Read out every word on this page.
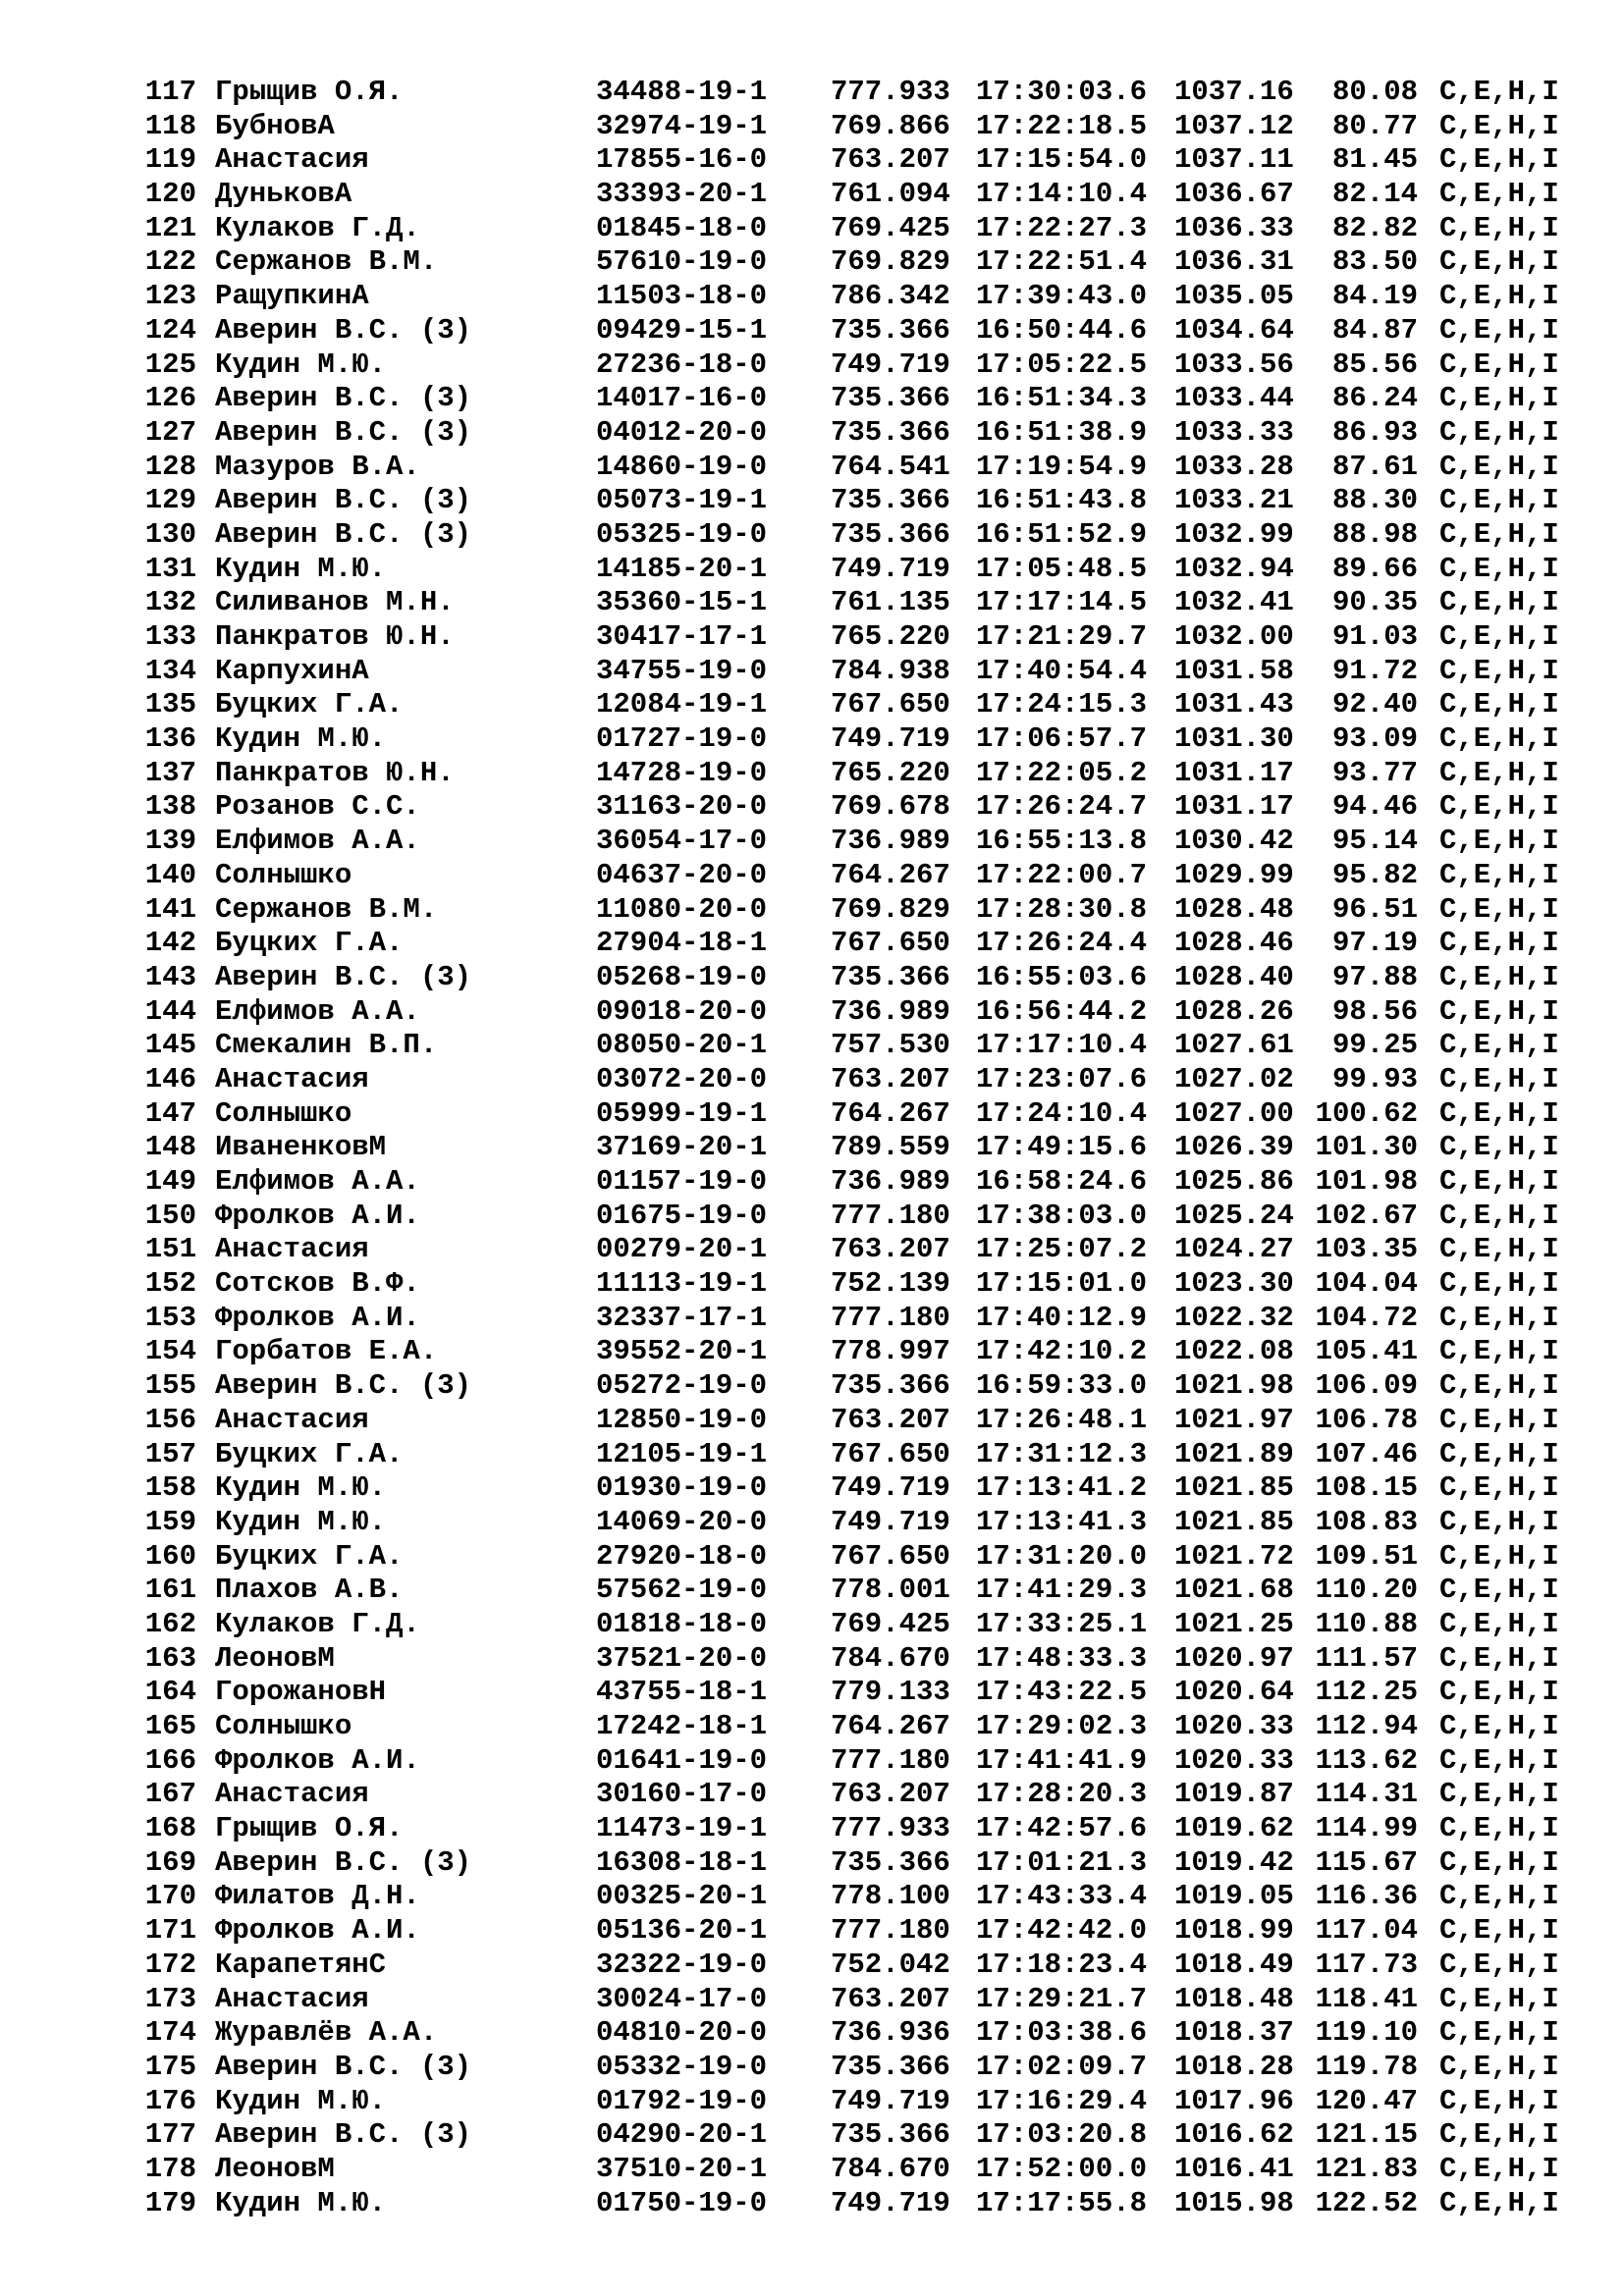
117 Грыщив О.Я.	34488-19-1 777.933 17:30:03.6 1037.16	80.08 C,E,H,I
118 БубновА	32974-19-1 769.866 17:22:18.5 1037.12	80.77 C,E,H,I
119 Анастасия	17855-16-0 763.207 17:15:54.0 1037.11	81.45 C,E,H,I
120 ДуньковА	33393-20-1 761.094 17:14:10.4 1036.67	82.14 C,E,H,I
121 Кулаков Г.Д.	01845-18-0 769.425 17:22:27.3 1036.33	82.82 C,E,H,I
122 Сержанов В.М.	57610-19-0 769.829 17:22:51.4 1036.31	83.50 C,E,H,I
123 РащупкинА	11503-18-0 786.342 17:39:43.0 1035.05	84.19 C,E,H,I
124 Аверин В.С. (3)	09429-15-1 735.366 16:50:44.6 1034.64	84.87 C,E,H,I
125 Кудин М.Ю.	27236-18-0 749.719 17:05:22.5 1033.56	85.56 C,E,H,I
126 Аверин В.С. (3)	14017-16-0 735.366 16:51:34.3 1033.44	86.24 C,E,H,I
127 Аверин В.С. (3)	04012-20-0 735.366 16:51:38.9 1033.33	86.93 C,E,H,I
128 Мазуров В.А.	14860-19-0 764.541 17:19:54.9 1033.28	87.61 C,E,H,I
129 Аверин В.С. (3)	05073-19-1 735.366 16:51:43.8 1033.21	88.30 C,E,H,I
130 Аверин В.С. (3)	05325-19-0 735.366 16:51:52.9 1032.99	88.98 C,E,H,I
131 Кудин М.Ю.	14185-20-1 749.719 17:05:48.5 1032.94	89.66 C,E,H,I
132 Силиванов М.Н.	35360-15-1 761.135 17:17:14.5 1032.41	90.35 C,E,H,I
133 Панкратов Ю.Н.	30417-17-1 765.220 17:21:29.7 1032.00	91.03 C,E,H,I
134 КарпухинА	34755-19-0 784.938 17:40:54.4 1031.58	91.72 C,E,H,I
135 Буцких Г.А.	12084-19-1 767.650 17:24:15.3 1031.43	92.40 C,E,H,I
136 Кудин М.Ю.	01727-19-0 749.719 17:06:57.7 1031.30	93.09 C,E,H,I
137 Панкратов Ю.Н.	14728-19-0 765.220 17:22:05.2 1031.17	93.77 C,E,H,I
138 Розанов С.С.	31163-20-0 769.678 17:26:24.7 1031.17	94.46 C,E,H,I
139 Елфимов А.А.	36054-17-0 736.989 16:55:13.8 1030.42	95.14 C,E,H,I
140 Солнышко	04637-20-0 764.267 17:22:00.7 1029.99	95.82 C,E,H,I
141 Сержанов В.М.	11080-20-0 769.829 17:28:30.8 1028.48	96.51 C,E,H,I
142 Буцких Г.А.	27904-18-1 767.650 17:26:24.4 1028.46	97.19 C,E,H,I
143 Аверин В.С. (3)	05268-19-0 735.366 16:55:03.6 1028.40	97.88 C,E,H,I
144 Елфимов А.А.	09018-20-0 736.989 16:56:44.2 1028.26	98.56 C,E,H,I
145 Смекалин В.П.	08050-20-1 757.530 17:17:10.4 1027.61	99.25 C,E,H,I
146 Анастасия	03072-20-0 763.207 17:23:07.6 1027.02	99.93 C,E,H,I
147 Солнышко	05999-19-1 764.267 17:24:10.4 1027.00 100.62 C,E,H,I
148 ИваненковМ	37169-20-1 789.559 17:49:15.6 1026.39 101.30 C,E,H,I
149 Елфимов А.А.	01157-19-0 736.989 16:58:24.6 1025.86 101.98 C,E,H,I
150 Фролков А.И.	01675-19-0 777.180 17:38:03.0 1025.24 102.67 C,E,H,I
151 Анастасия	00279-20-1 763.207 17:25:07.2 1024.27 103.35 C,E,H,I
152 Сотсков В.Ф.	11113-19-1 752.139 17:15:01.0 1023.30 104.04 C,E,H,I
153 Фролков А.И.	32337-17-1 777.180 17:40:12.9 1022.32 104.72 C,E,H,I
154 Горбатов Е.А.	39552-20-1 778.997 17:42:10.2 1022.08 105.41 C,E,H,I
155 Аверин В.С. (3)	05272-19-0 735.366 16:59:33.0 1021.98 106.09 C,E,H,I
156 Анастасия	12850-19-0 763.207 17:26:48.1 1021.97 106.78 C,E,H,I
157 Буцких Г.А.	12105-19-1 767.650 17:31:12.3 1021.89 107.46 C,E,H,I
158 Кудин М.Ю.	01930-19-0 749.719 17:13:41.2 1021.85 108.15 C,E,H,I
159 Кудин М.Ю.	14069-20-0 749.719 17:13:41.3 1021.85 108.83 C,E,H,I
160 Буцких Г.А.	27920-18-0 767.650 17:31:20.0 1021.72 109.51 C,E,H,I
161 Плахов А.В.	57562-19-0 778.001 17:41:29.3 1021.68 110.20 C,E,H,I
162 Кулаков Г.Д.	01818-18-0 769.425 17:33:25.1 1021.25 110.88 C,E,H,I
163 ЛеоновМ	37521-20-0 784.670 17:48:33.3 1020.97 111.57 C,E,H,I
164 ГорожановН	43755-18-1 779.133 17:43:22.5 1020.64 112.25 C,E,H,I
165 Солнышко	17242-18-1 764.267 17:29:02.3 1020.33 112.94 C,E,H,I
166 Фролков А.И.	01641-19-0 777.180 17:41:41.9 1020.33 113.62 C,E,H,I
167 Анастасия	30160-17-0 763.207 17:28:20.3 1019.87 114.31 C,E,H,I
168 Грыщив О.Я.	11473-19-1 777.933 17:42:57.6 1019.62 114.99 C,E,H,I
169 Аверин В.С. (3)	16308-18-1 735.366 17:01:21.3 1019.42 115.67 C,E,H,I
170 Филатов Д.Н.	00325-20-1 778.100 17:43:33.4 1019.05 116.36 C,E,H,I
171 Фролков А.И.	05136-20-1 777.180 17:42:42.0 1018.99 117.04 C,E,H,I
172 КарапетянС	32322-19-0 752.042 17:18:23.4 1018.49 117.73 C,E,H,I
173 Анастасия	30024-17-0 763.207 17:29:21.7 1018.48 118.41 C,E,H,I
174 Журавлёв А.А.	04810-20-0 736.936 17:03:38.6 1018.37 119.10 C,E,H,I
175 Аверин В.С. (3)	05332-19-0 735.366 17:02:09.7 1018.28 119.78 C,E,H,I
176 Кудин М.Ю.	01792-19-0 749.719 17:16:29.4 1017.96 120.47 C,E,H,I
177 Аверин В.С. (3)	04290-20-1 735.366 17:03:20.8 1016.62 121.15 C,E,H,I
178 ЛеоновМ	37510-20-1 784.670 17:52:00.0 1016.41 121.83 C,E,H,I
179 Кудин М.Ю.	01750-19-0 749.719 17:17:55.8 1015.98 122.52 C,E,H,I
